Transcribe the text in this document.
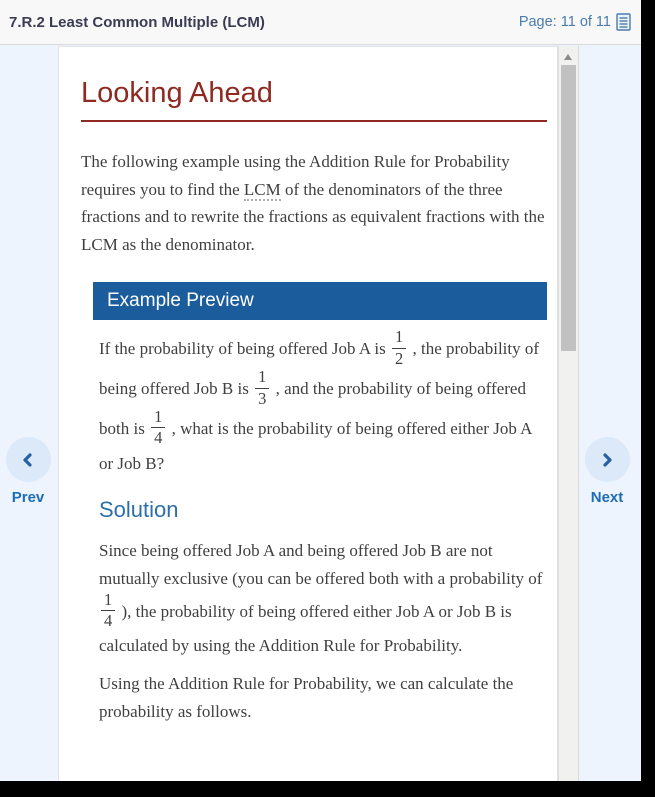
7.R.2 Least Common Multiple (LCM)	Page: 11 of 11
Looking Ahead

The following example using the Addition Rule for Probability requires you to find the LCM of the denominators of the three fractions and to rewrite the fractions as equivalent fractions with the LCM as the denominator.

Example Preview

If the probability of being offered Job A is $\frac{1}{2}$ , the probability of being offered Job B is $\frac{1}{3}$ , and the probability of being offered both is $\frac{1}{4}$ , what is the probability of being offered either Job A or Job B?

Solution

Since being offered Job A and being offered Job B are not mutually exclusive (you can be offered both with a probability of
$\frac{1}{4}$ ), the probability of being offered either Job A or Job B is calculated by using the Addition Rule for Probability.

Using the Addition Rule for Probability, we can calculate the probability as follows.

Prev	Next
